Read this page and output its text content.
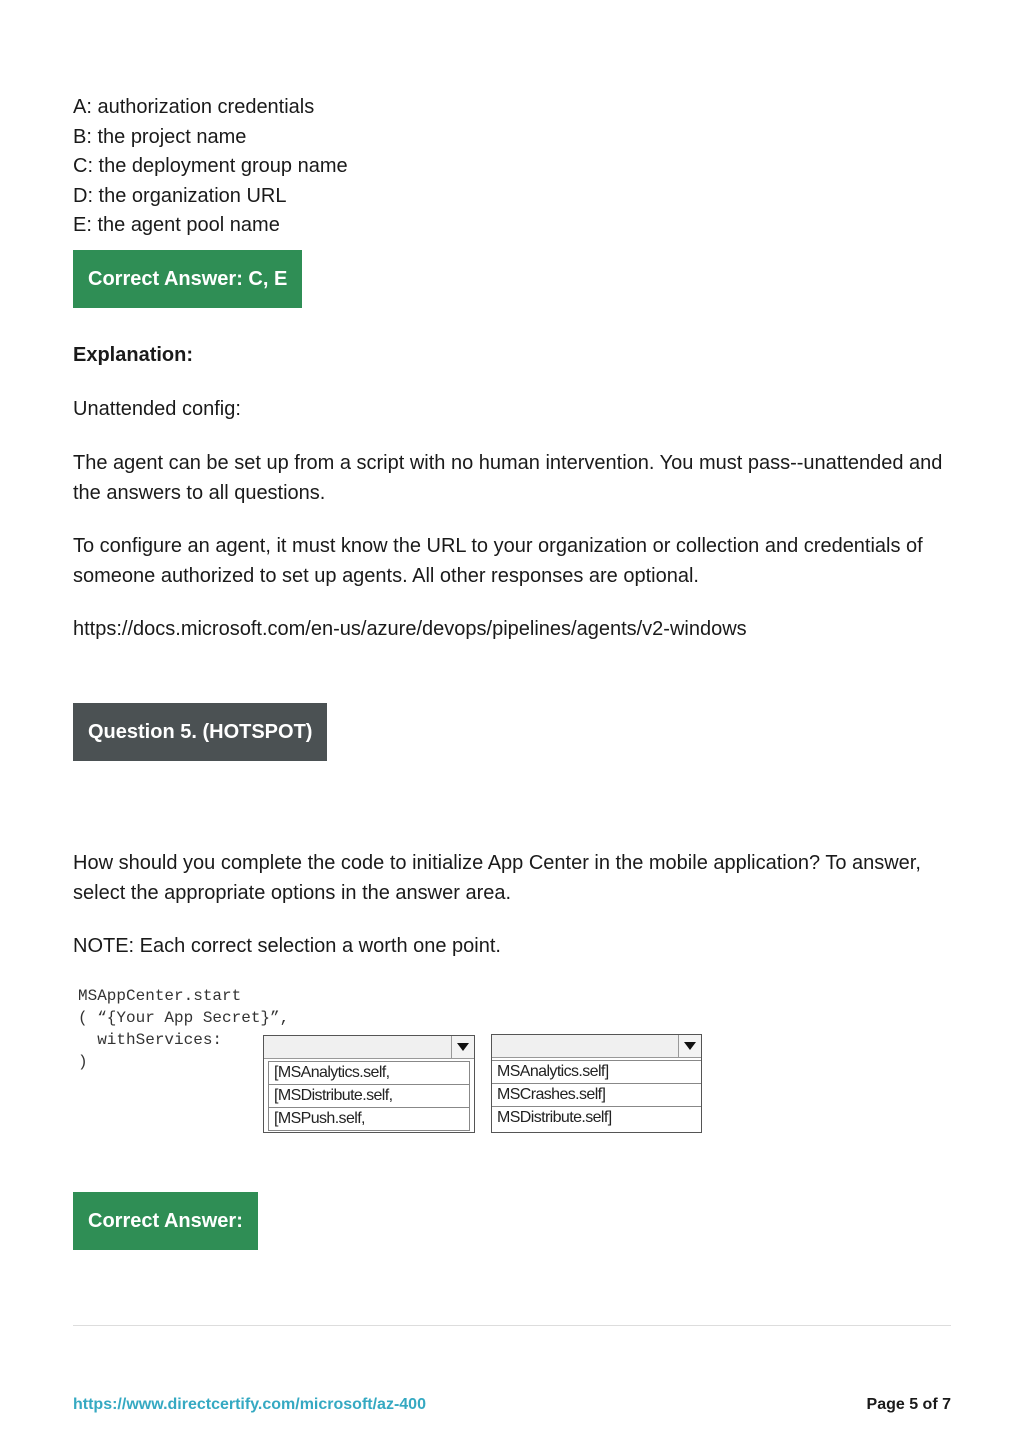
A: authorization credentials
B: the project name
C: the deployment group name
D: the organization URL
E: the agent pool name
Correct Answer: C, E
Explanation:
Unattended config:
The agent can be set up from a script with no human intervention. You must pass--unattended and the answers to all questions.
To configure an agent, it must know the URL to your organization or collection and credentials of someone authorized to set up agents. All other responses are optional.
https://docs.microsoft.com/en-us/azure/devops/pipelines/agents/v2-windows
Question 5. (HOTSPOT)
How should you complete the code to initialize App Center in the mobile application? To answer, select the appropriate options in the answer area.
NOTE: Each correct selection a worth one point.
MSAppCenter.start
( “{Your App Secret}”,
withServices:
)
[MSAnalytics.self,
[MSDistribute.self,
[MSPush.self,
MSAnalytics.self]
MSCrashes.self]
MSDistribute.self]
Correct Answer:
https://www.directcertify.com/microsoft/az-400	Page 5 of 7
